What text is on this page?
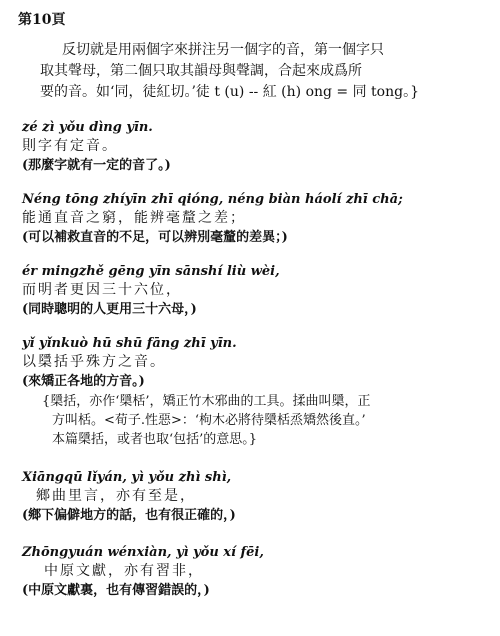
第10頁
反切就是用兩個字來拼注另一個字的音，第一個字只
取其聲母，第二個只取其韻母與聲調，合起來成爲所
要的音。如‘同，徒紅切。’徒 t (u) -- 紅 (h) ong = 同 tong。}
zé zì yǒu dìng yīn.
則字有定音。
(那麼字就有一定的音了。)
Néng tōng zhíyīn zhī qióng, néng biàn háolí zhī chā;
能通直音之窮，能辨毫釐之差；
(可以補救直音的不足，可以辨別毫釐的差異；)
ér mingzhě gēng yīn sānshí liù wèi,
而明者更因三十六位，
(同時聰明的人更用三十六母，)
yǐ yǐnkuò hū shū fāng zhī yīn.
以檃括乎殊方之音。
(來矯正各地的方音。)
{檃括，亦作‘檃栝’，矯正竹木邪曲的工具。揉曲叫檃，正
方叫栝。<荀子.性惡>：‘枸木必將待檃栝烝矯然後直。’
本篇檃括，或者也取‘包括’的意思。}
Xiāngqū lǐyán, yì yǒu zhì shì,
鄉曲里言，亦有至是，
(鄉下偏僻地方的話，也有很正確的，)
Zhōngyuán wénxiàn, yì yǒu xí fēi,
中原文獻，亦有習非，
(中原文獻裏，也有傳習錯誤的，)
